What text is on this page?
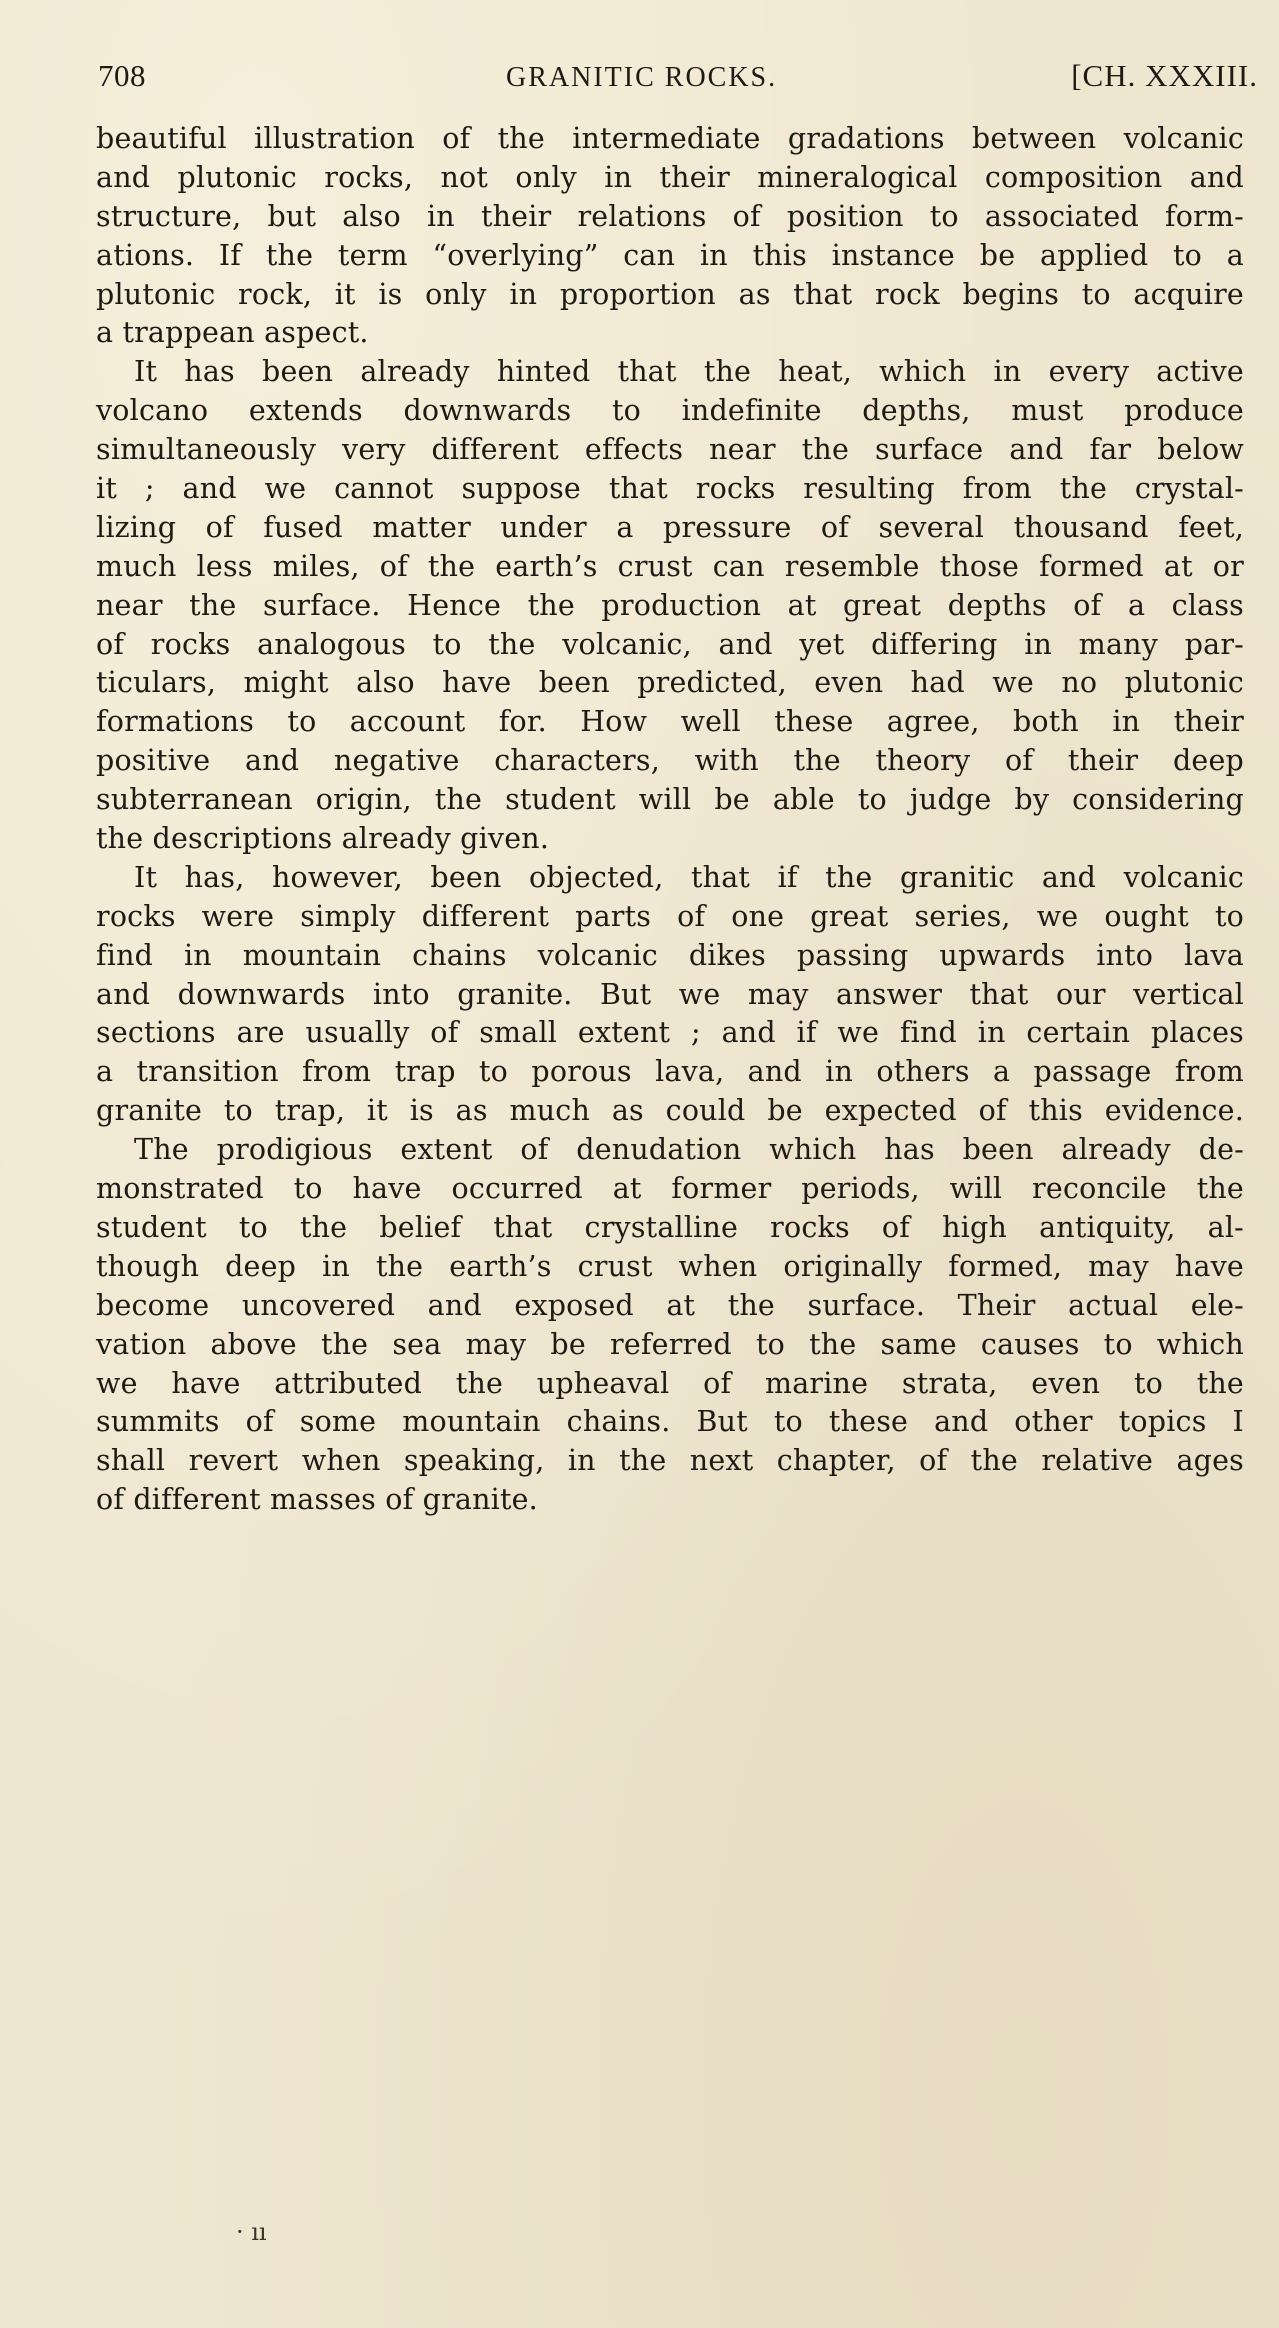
708	GRANITIC ROCKS.	[CH. XXXIII.
beautiful illustration of the intermediate gradations between volcanic
and plutonic rocks, not only in their mineralogical composition and
structure, but also in their relations of position to associated form-
ations. If the term “overlying” can in this instance be applied to a
plutonic rock, it is only in proportion as that rock begins to acquire
a trappean aspect.
It has been already hinted that the heat, which in every active
volcano extends downwards to indefinite depths, must produce
simultaneously very different effects near the surface and far below
it ; and we cannot suppose that rocks resulting from the crystal-
lizing of fused matter under a pressure of several thousand feet,
much less miles, of the earth’s crust can resemble those formed at or
near the surface. Hence the production at great depths of a class
of rocks analogous to the volcanic, and yet differing in many par-
ticulars, might also have been predicted, even had we no plutonic
formations to account for. How well these agree, both in their
positive and negative characters, with the theory of their deep
subterranean origin, the student will be able to judge by considering
the descriptions already given.
It has, however, been objected, that if the granitic and volcanic
rocks were simply different parts of one great series, we ought to
find in mountain chains volcanic dikes passing upwards into lava
and downwards into granite. But we may answer that our vertical
sections are usually of small extent ; and if we find in certain places
a transition from trap to porous lava, and in others a passage from
granite to trap, it is as much as could be expected of this evidence.
The prodigious extent of denudation which has been already de-
monstrated to have occurred at former periods, will reconcile the
student to the belief that crystalline rocks of high antiquity, al-
though deep in the earth’s crust when originally formed, may have
become uncovered and exposed at the surface. Their actual ele-
vation above the sea may be referred to the same causes to which
we have attributed the upheaval of marine strata, even to the
summits of some mountain chains. But to these and other topics I
shall revert when speaking, in the next chapter, of the relative ages
of different masses of granite.
· ıı
